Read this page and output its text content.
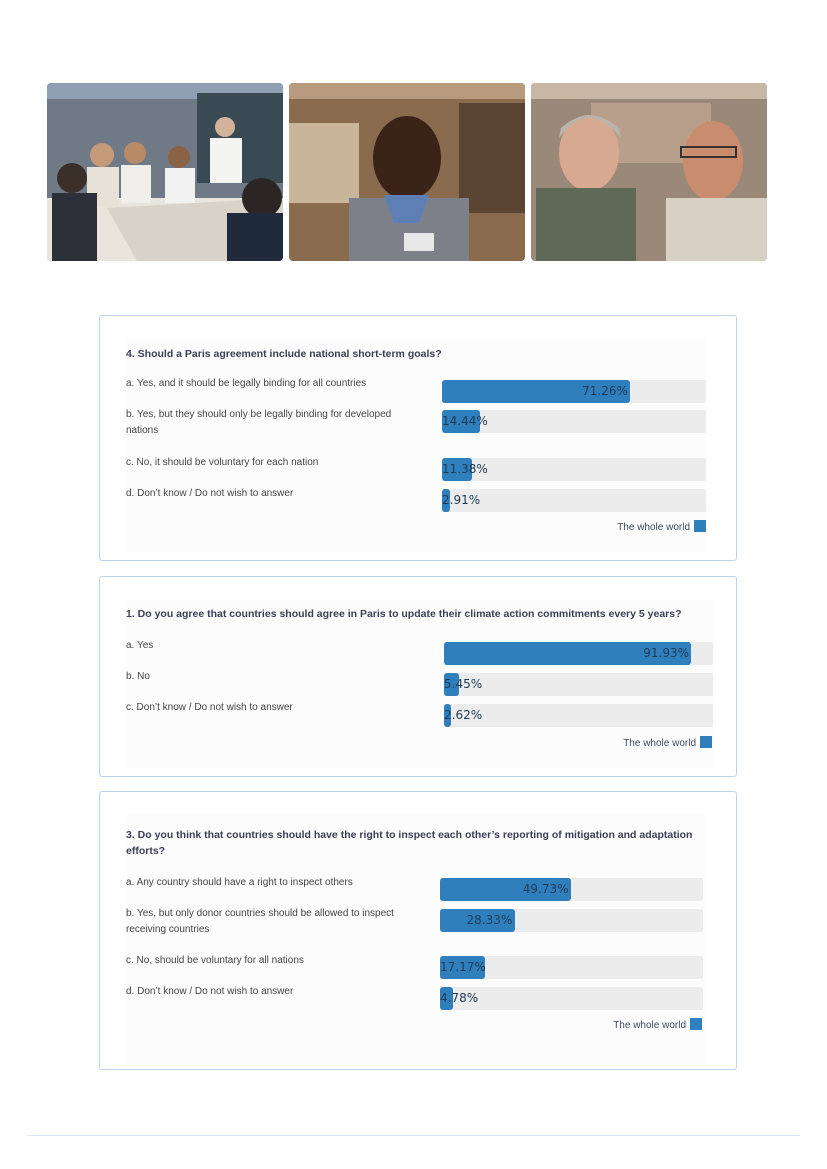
4. Should a Paris agreement include national short-term goals?
a. Yes, and it should be legally binding for all countries
71.26%
b. Yes, but they should only be legally binding for developed nations
14.44%
c. No, it should be voluntary for each nation	11.38%
d. Don’t know / Do not wish to answer	2.91%
The whole world
1. Do you agree that countries should agree in Paris to update their climate action commitments every 5 years?
a. Yes
91.93%
b. No
5.45%
c. Don’t know / Do not wish to answer
2.62%
The whole world
3. Do you think that countries should have the right to inspect each other’s reporting of mitigation and adaptation efforts?
a. Any country should have a right to inspect others	49.73%
b. Yes, but only donor countries should be allowed to inspect receiving countries
28.33%
c. No, should be voluntary for all nations	17.17%
d. Don’t know / Do not wish to answer	4.78%
The whole world
